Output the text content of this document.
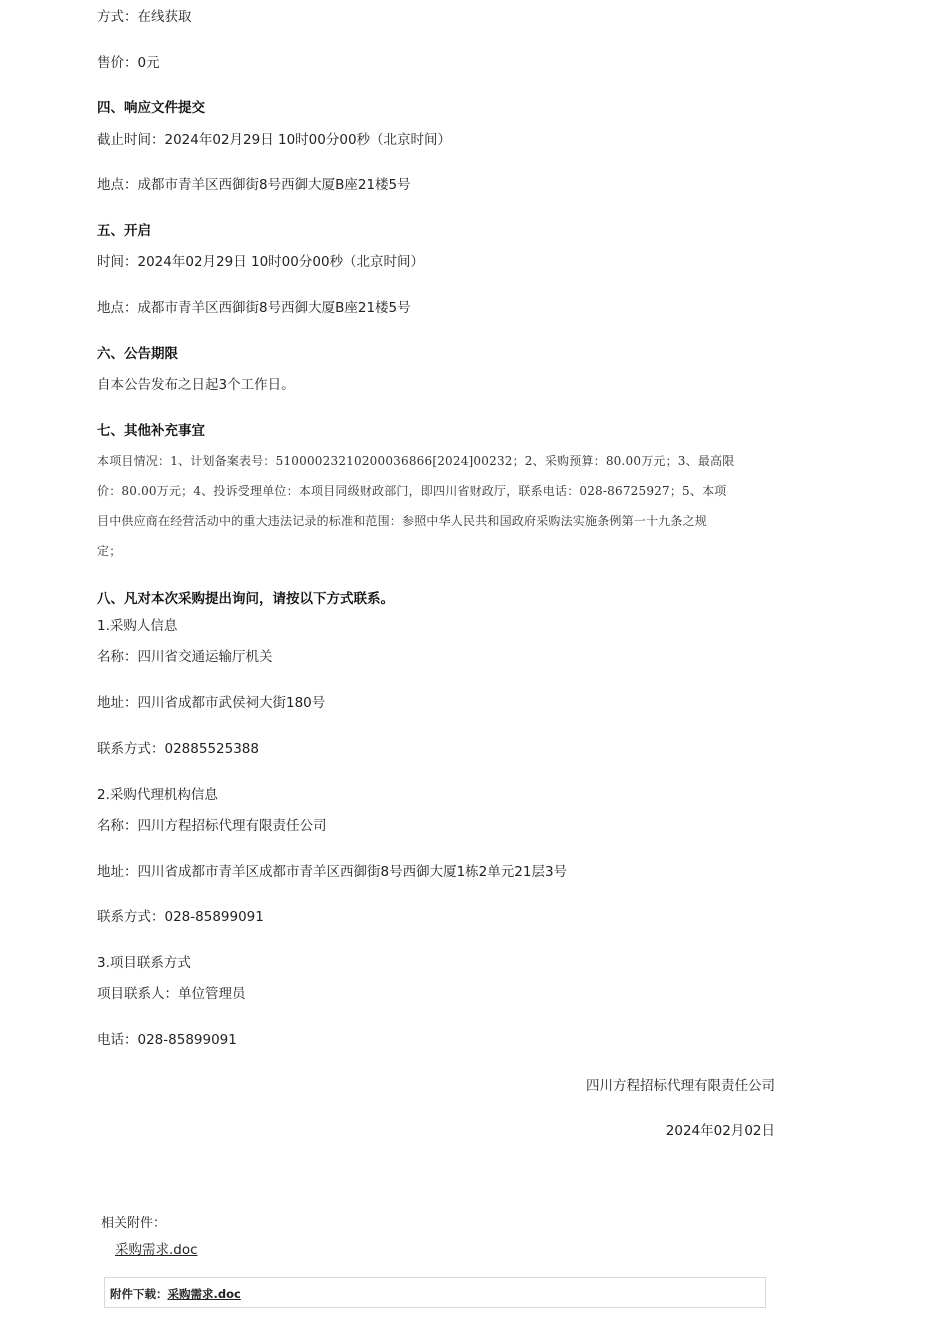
方式：在线获取
售价：0元
四、响应文件提交
截止时间：2024年02月29日 10时00分00秒（北京时间）
地点：成都市青羊区西御街8号西御大厦B座21楼5号
五、开启
时间：2024年02月29日 10时00分00秒（北京时间）
地点：成都市青羊区西御街8号西御大厦B座21楼5号
六、公告期限
自本公告发布之日起3个工作日。
七、其他补充事宜
本项目情况：1、计划备案表号：510000232102000368​66[2024]00232；2、采购预算：80.00万元；3、最高限
价：80.00万元；4、投诉受理单位：本项目同级财政部门，即四川省财政厅，联系电话：028-86725927；5、本项
目中供应商在经营活动中的重大违法记录的标准和范围：参照中华人民共和国政府采购法实施条例第一十九条之规
定；
八、凡对本次采购提出询问，请按以下方式联系。
1.采购人信息
名称：四川省交通运输厅机关
地址：四川省成都市武侯祠大街180号
联系方式：02885525388
2.采购代理机构信息
名称：四川方程招标代理有限责任公司
地址：四川省成都市青羊区成都市青羊区西御街8号西御大厦1栋2单元21层3号
联系方式：028-85899091
3.项目联系方式
项目联系人：单位管理员
电话：028-85899091
四川方程招标代理有限责任公司
2024年02月02日
相关附件：
采购需求.doc
附件下载：采购需求.doc
